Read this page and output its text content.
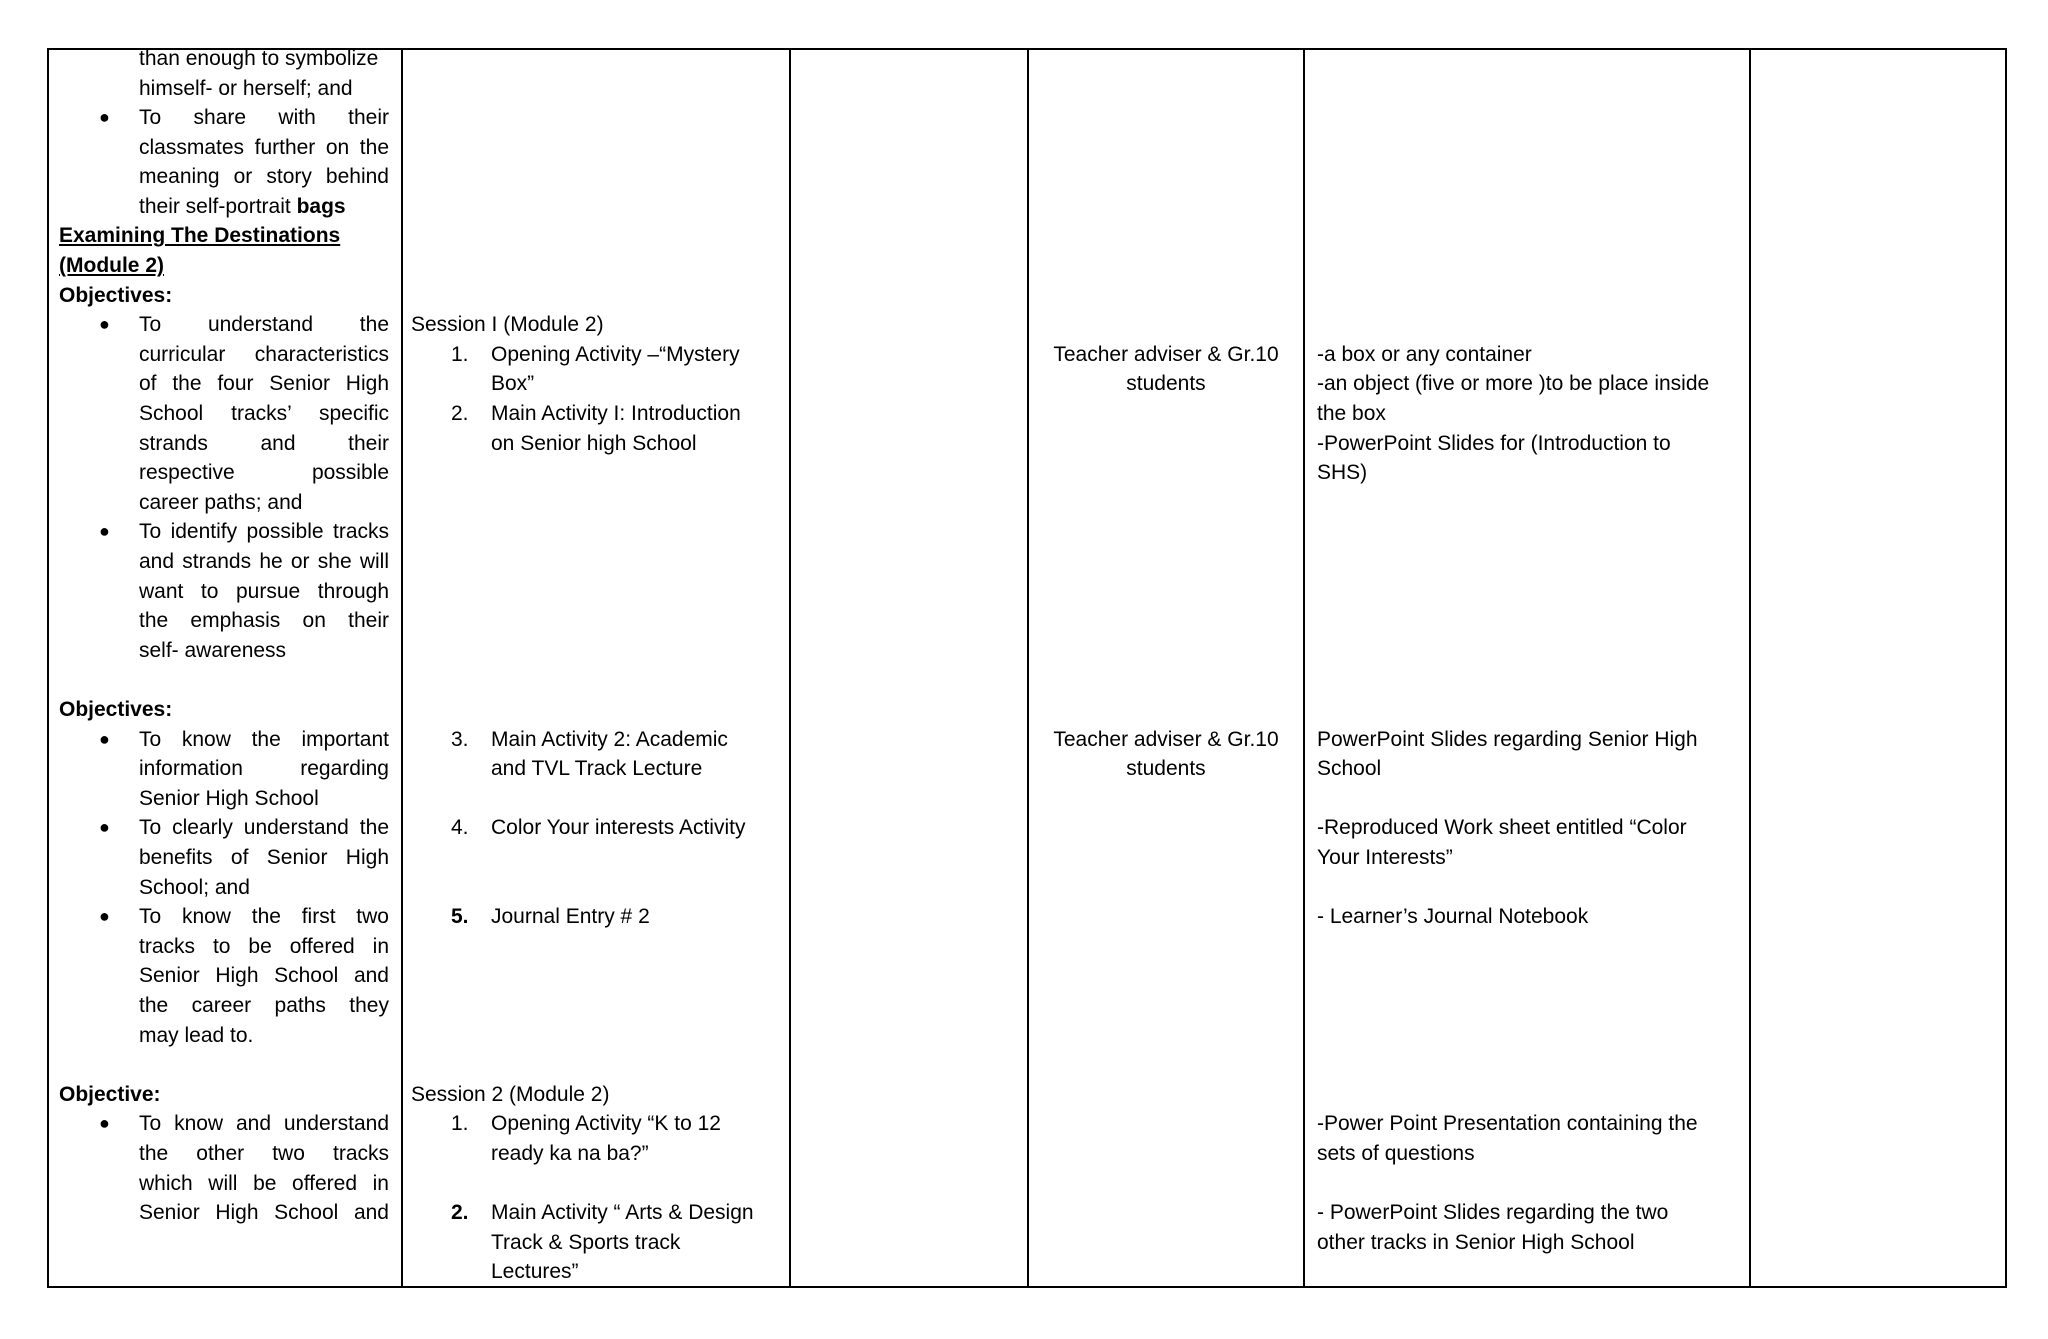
than enough to symbolize
himself- or herself; and
● To share with their
classmates further on the
meaning or story behind
their self-portrait bags
Examining The Destinations
(Module 2)
Objectives:
● To understand the
curricular characteristics
of the four Senior High
School tracks’ specific
strands and their
respective possible
career paths; and
● To identify possible tracks
and strands he or she will
want to pursue through
the emphasis on their
self- awareness
Objectives:
● To know the important
information regarding
Senior High School
● To clearly understand the
benefits of Senior High
School; and
● To know the first two
tracks to be offered in
Senior High School and
the career paths they
may lead to.
Objective:
● To know and understand
the other two tracks
which will be offered in
Senior High School and
Session I (Module 2)
1. Opening Activity –“Mystery
Box”
2. Main Activity I: Introduction
on Senior high School
3. Main Activity 2: Academic
and TVL Track Lecture
4. Color Your interests Activity
5. Journal Entry # 2
Session 2 (Module 2)
1. Opening Activity “K to 12
ready ka na ba?”
2. Main Activity “ Arts & Design
Track & Sports track
Lectures”
Teacher adviser & Gr.10
students
Teacher adviser & Gr.10
students
-a box or any container
-an object (five or more )to be place inside
the box
-PowerPoint Slides for (Introduction to
SHS)
PowerPoint Slides regarding Senior High
School
-Reproduced Work sheet entitled “Color
Your Interests”
- Learner’s Journal Notebook
-Power Point Presentation containing the
sets of questions
- PowerPoint Slides regarding the two
other tracks in Senior High School
